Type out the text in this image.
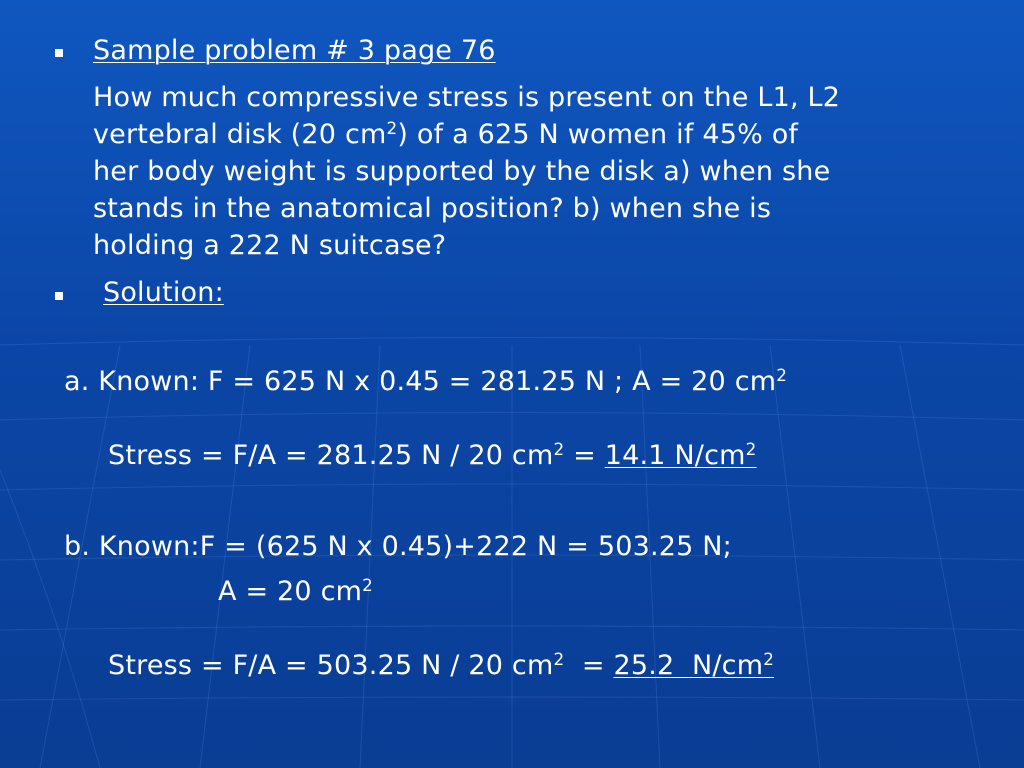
Sample problem # 3 page 76
How much compressive stress is present on the L1, L2
vertebral disk (20 $cm^2$) of a 625 N women if 45% of
her body weight is supported by the disk a) when she
stands in the anatomical position? b) when she is
holding a 222 N suitcase?
Solution:
a. Known: F = 625 N x 0.45 = 281.25 N ; A = 20 $cm^2$
Stress = F/A = 281.25 N / 20 $cm^2 = 14.1$ $N/cm^2$
b. Known:F = (625 N x 0.45)+222 N = 503.25 N;
A = 20 $cm^2$
Stress = F/A = 503.25 N / 20 $cm^2 = 25.2$  $N/cm^2$
